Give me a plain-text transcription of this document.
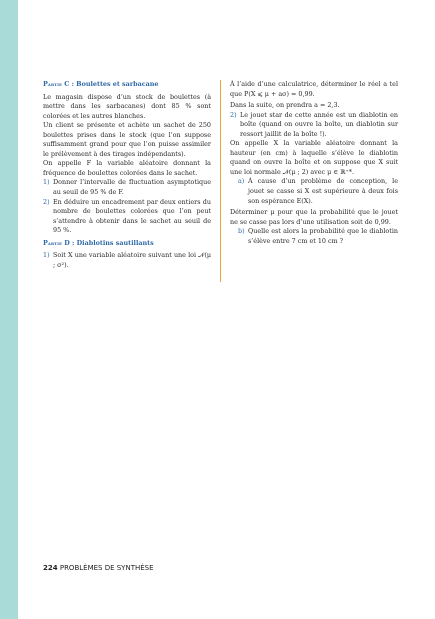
Partie C : Boulettes et sarbacane

Le magasin dispose d’un stock de boulettes (à mettre dans les sarbacanes) dont 85 % sont colorées et les autres blanches.

Un client se présente et achète un sachet de 250 boulettes prises dans le stock (que l’on suppose suffisamment grand pour que l’on puisse assimiler le prélèvement à des tirages indépendants).

On appelle F la variable aléatoire donnant la fréquence de boulettes colorées dans le sachet.

1) Donner l’intervalle de fluctuation asymptotique au seuil de 95 % de F.
2) En déduire un encadrement par deux entiers du nombre de boulettes colorées que l’on peut s’attendre à obtenir dans le sachet au seuil de 95 %.

Partie D : Diablotins sautillants

1) Soit X une variable aléatoire suivant une loi 𝒩(μ ; σ²).

À l’aide d’une calculatrice, déterminer le réel a tel que P(X ⩽ μ + aσ) = 0,99.

Dans la suite, on prendra a = 2,3.

2) Le jouet star de cette année est un diablotin en boîte (quand on ouvre la boîte, un diablotin sur ressort jaillit de la boîte !).

On appelle X la variable aléatoire donnant la hauteur (en cm) à laquelle s’élève le diablotin quand on ouvre la boîte et on suppose que X suit une loi normale 𝒩(μ ; 2) avec μ ∈ ℝ⁺*.

a) À cause d’un problème de conception, le jouet se casse si X est supérieure à deux fois son espérance E(X).

Déterminer μ pour que la probabilité que le jouet ne se casse pas lors d’une utilisation soit de 0,99.

b) Quelle est alors la probabilité que le diablotin s’élève entre 7 cm et 10 cm ?
224 PROBLÈMES DE SYNTHÈSE
